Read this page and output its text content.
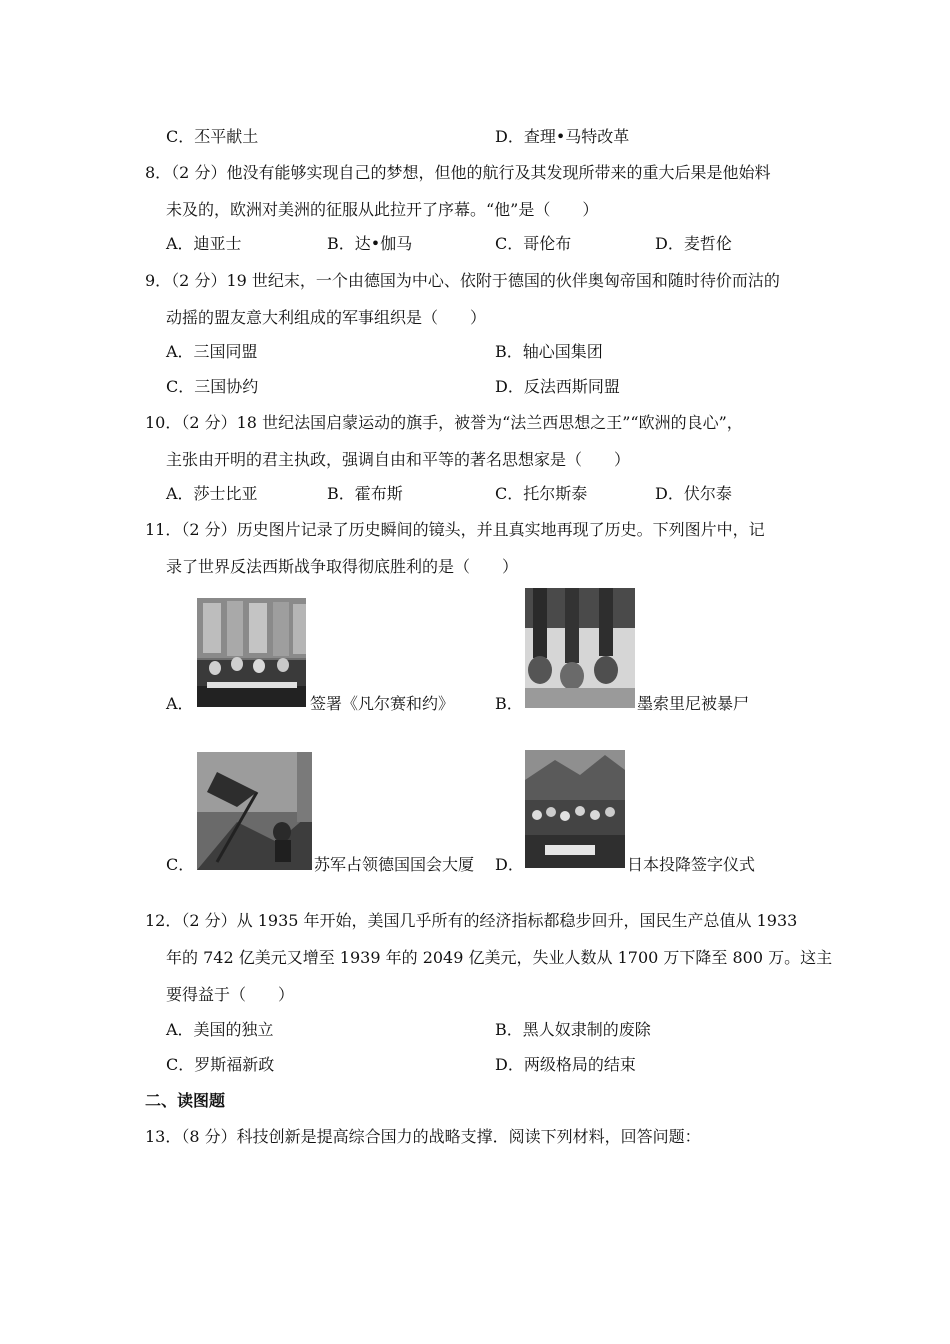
C．丕平献土	D．查理•马特改革
8．（2 分）他没有能够实现自己的梦想，但他的航行及其发现所带来的重大后果是他始料
未及的，欧洲对美洲的征服从此拉开了序幕。“他”是（　　）
A．迪亚士	B．达•伽马	C．哥伦布	D．麦哲伦
9．（2 分）19 世纪末，一个由德国为中心、依附于德国的伙伴奥匈帝国和随时待价而沽的
动摇的盟友意大利组成的军事组织是（　　）
A．三国同盟	B．轴心国集团
C．三国协约	D．反法西斯同盟
10．（2 分）18 世纪法国启蒙运动的旗手，被誉为“法兰西思想之王”“欧洲的良心”，
主张由开明的君主执政，强调自由和平等的著名思想家是（　　）
A．莎士比亚	B．霍布斯	C．托尔斯泰	D．伏尔泰
11．（2 分）历史图片记录了历史瞬间的镜头，并且真实地再现了历史。下列图片中，记
录了世界反法西斯战争取得彻底胜利的是（　　）
A．	签署《凡尔赛和约》	B．	墨索里尼被暴尸
C．	苏军占领德国国会大厦 D．	日本投降签字仪式
12．（2 分）从 1935 年开始，美国几乎所有的经济指标都稳步回升，国民生产总值从 1933
年的 742 亿美元又增至 1939 年的 2049 亿美元，失业人数从 1700 万下降至 800 万。这主
要得益于（　　）
A．美国的独立	B．黑人奴隶制的废除
C．罗斯福新政	D．两级格局的结束
二、读图题
13．（8 分）科技创新是提高综合国力的战略支撑．阅读下列材料，回答问题：
